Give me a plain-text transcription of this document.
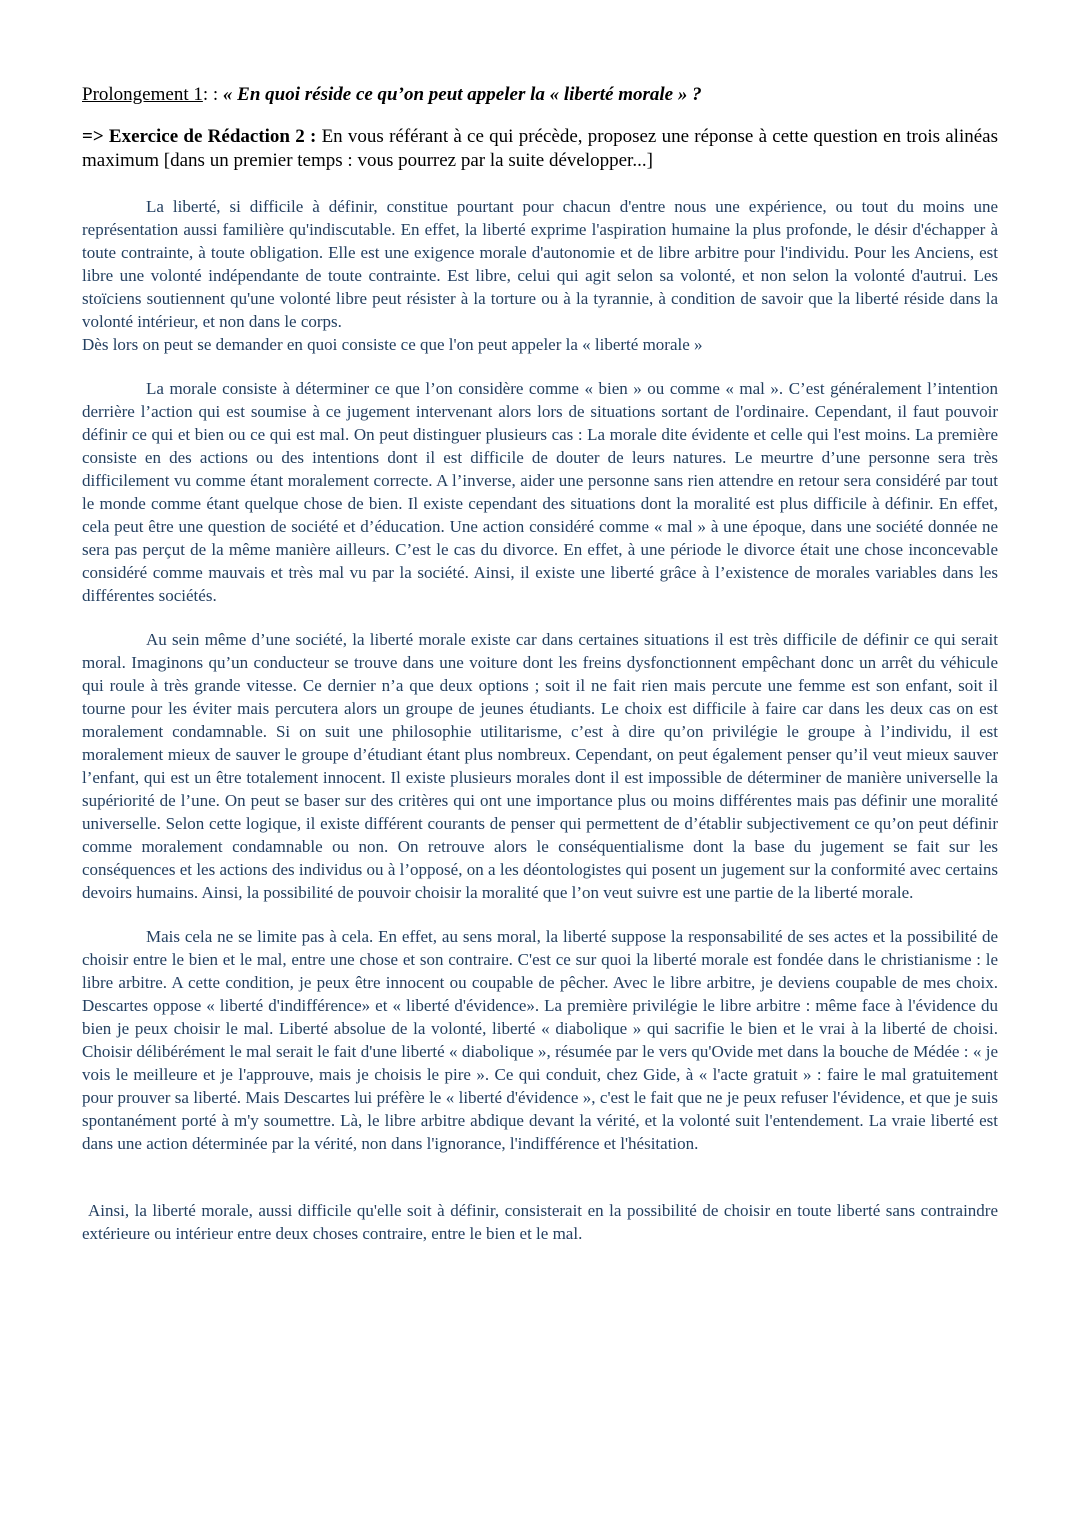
Prolongement 1: : « En quoi réside ce qu’on peut appeler la « liberté morale » ?

=> Exercice de Rédaction 2 : En vous référant à ce qui précède, proposez une réponse à cette question en trois alinéas maximum [dans un premier temps : vous pourrez par la suite développer...]

La liberté, si difficile à définir, constitue pourtant pour chacun d'entre nous une expérience, ou tout du moins une représentation aussi familière qu'indiscutable. En effet, la liberté exprime l'aspiration humaine la plus profonde, le désir d'échapper à toute contrainte, à toute obligation. Elle est une exigence morale d'autonomie et de libre arbitre pour l'individu. Pour les Anciens, est libre une volonté indépendante de toute contrainte. Est libre, celui qui agit selon sa volonté, et non selon la volonté d'autrui. Les stoïciens soutiennent qu'une volonté libre peut résister à la torture ou à la tyrannie, à condition de savoir que la liberté réside dans la volonté intérieur, et non dans le corps.

Dès lors on peut se demander en quoi consiste ce que l'on peut appeler la « liberté morale »

La morale consiste à déterminer ce que l’on considère comme « bien » ou comme « mal ». C’est généralement l’intention derrière l’action qui est soumise à ce jugement intervenant alors lors de situations sortant de l'ordinaire. Cependant, il faut pouvoir définir ce qui et bien ou ce qui est mal. On peut distinguer plusieurs cas : La morale dite évidente et celle qui l'est moins. La première consiste en des actions ou des intentions dont il est difficile de douter de leurs natures. Le meurtre d’une personne sera très difficilement vu comme étant moralement correcte. A l’inverse, aider une personne sans rien attendre en retour sera considéré par tout le monde comme étant quelque chose de bien. Il existe cependant des situations dont la moralité est plus difficile à définir. En effet, cela peut être une question de société et d’éducation. Une action considéré comme « mal » à une époque, dans une société donnée ne sera pas perçut de la même manière ailleurs. C’est le cas du divorce. En effet, à une période le divorce était une chose inconcevable considéré comme mauvais et très mal vu par la société. Ainsi, il existe une liberté grâce à l’existence de morales variables dans les différentes sociétés.

Au sein même d’une société, la liberté morale existe car dans certaines situations il est très difficile de définir ce qui serait moral. Imaginons qu’un conducteur se trouve dans une voiture dont les freins dysfonctionnent empêchant donc un arrêt du véhicule qui roule à très grande vitesse. Ce dernier n’a que deux options ; soit il ne fait rien mais percute une femme est son enfant, soit il tourne pour les éviter mais percutera alors un groupe de jeunes étudiants. Le choix est difficile à faire car dans les deux cas on est moralement condamnable. Si on suit une philosophie utilitarisme, c’est à dire qu’on privilégie le groupe à l’individu, il est moralement mieux de sauver le groupe d’étudiant étant plus nombreux. Cependant, on peut également penser qu’il veut mieux sauver l’enfant, qui est un être totalement innocent. Il existe plusieurs morales dont il est impossible de déterminer de manière universelle la supériorité de l’une. On peut se baser sur des critères qui ont une importance plus ou moins différentes mais pas définir une moralité universelle. Selon cette logique, il existe différent courants de penser qui permettent de d’établir subjectivement ce qu’on peut définir comme moralement condamnable ou non. On retrouve alors le conséquentialisme dont la base du jugement se fait sur les conséquences et les actions des individus ou à l’opposé, on a les déontologistes qui posent un jugement sur la conformité avec certains devoirs humains. Ainsi, la possibilité de pouvoir choisir la moralité que l’on veut suivre est une partie de la liberté morale.

Mais cela ne se limite pas à cela. En effet, au sens moral, la liberté suppose la responsabilité de ses actes et la possibilité de choisir entre le bien et le mal, entre une chose et son contraire. C'est ce sur quoi la liberté morale est fondée dans le christianisme : le libre arbitre. A cette condition, je peux être innocent ou coupable de pêcher. Avec le libre arbitre, je deviens coupable de mes choix. Descartes oppose « liberté d'indifférence» et « liberté d'évidence». La première privilégie le libre arbitre : même face à l'évidence du bien je peux choisir le mal. Liberté absolue de la volonté, liberté « diabolique » qui sacrifie le bien et le vrai à la liberté de choisi. Choisir délibérément le mal serait le fait d'une liberté « diabolique », résumée par le vers qu'Ovide met dans la bouche de Médée : « je vois le meilleure et je l'approuve, mais je choisis le pire ». Ce qui conduit, chez Gide, à « l'acte gratuit » : faire le mal gratuitement pour prouver sa liberté. Mais Descartes lui préfère le « liberté d'évidence », c'est le fait que ne je peux refuser l'évidence, et que je suis spontanément porté à m'y soumettre. Là, le libre arbitre abdique devant la vérité, et la volonté suit l'entendement. La vraie liberté est dans une action déterminée par la vérité, non dans l'ignorance, l'indifférence et l'hésitation.

Ainsi, la liberté morale, aussi difficile qu'elle soit à définir, consisterait en la possibilité de choisir en toute liberté sans contraindre extérieure ou intérieur entre deux choses contraire, entre le bien et le mal.
